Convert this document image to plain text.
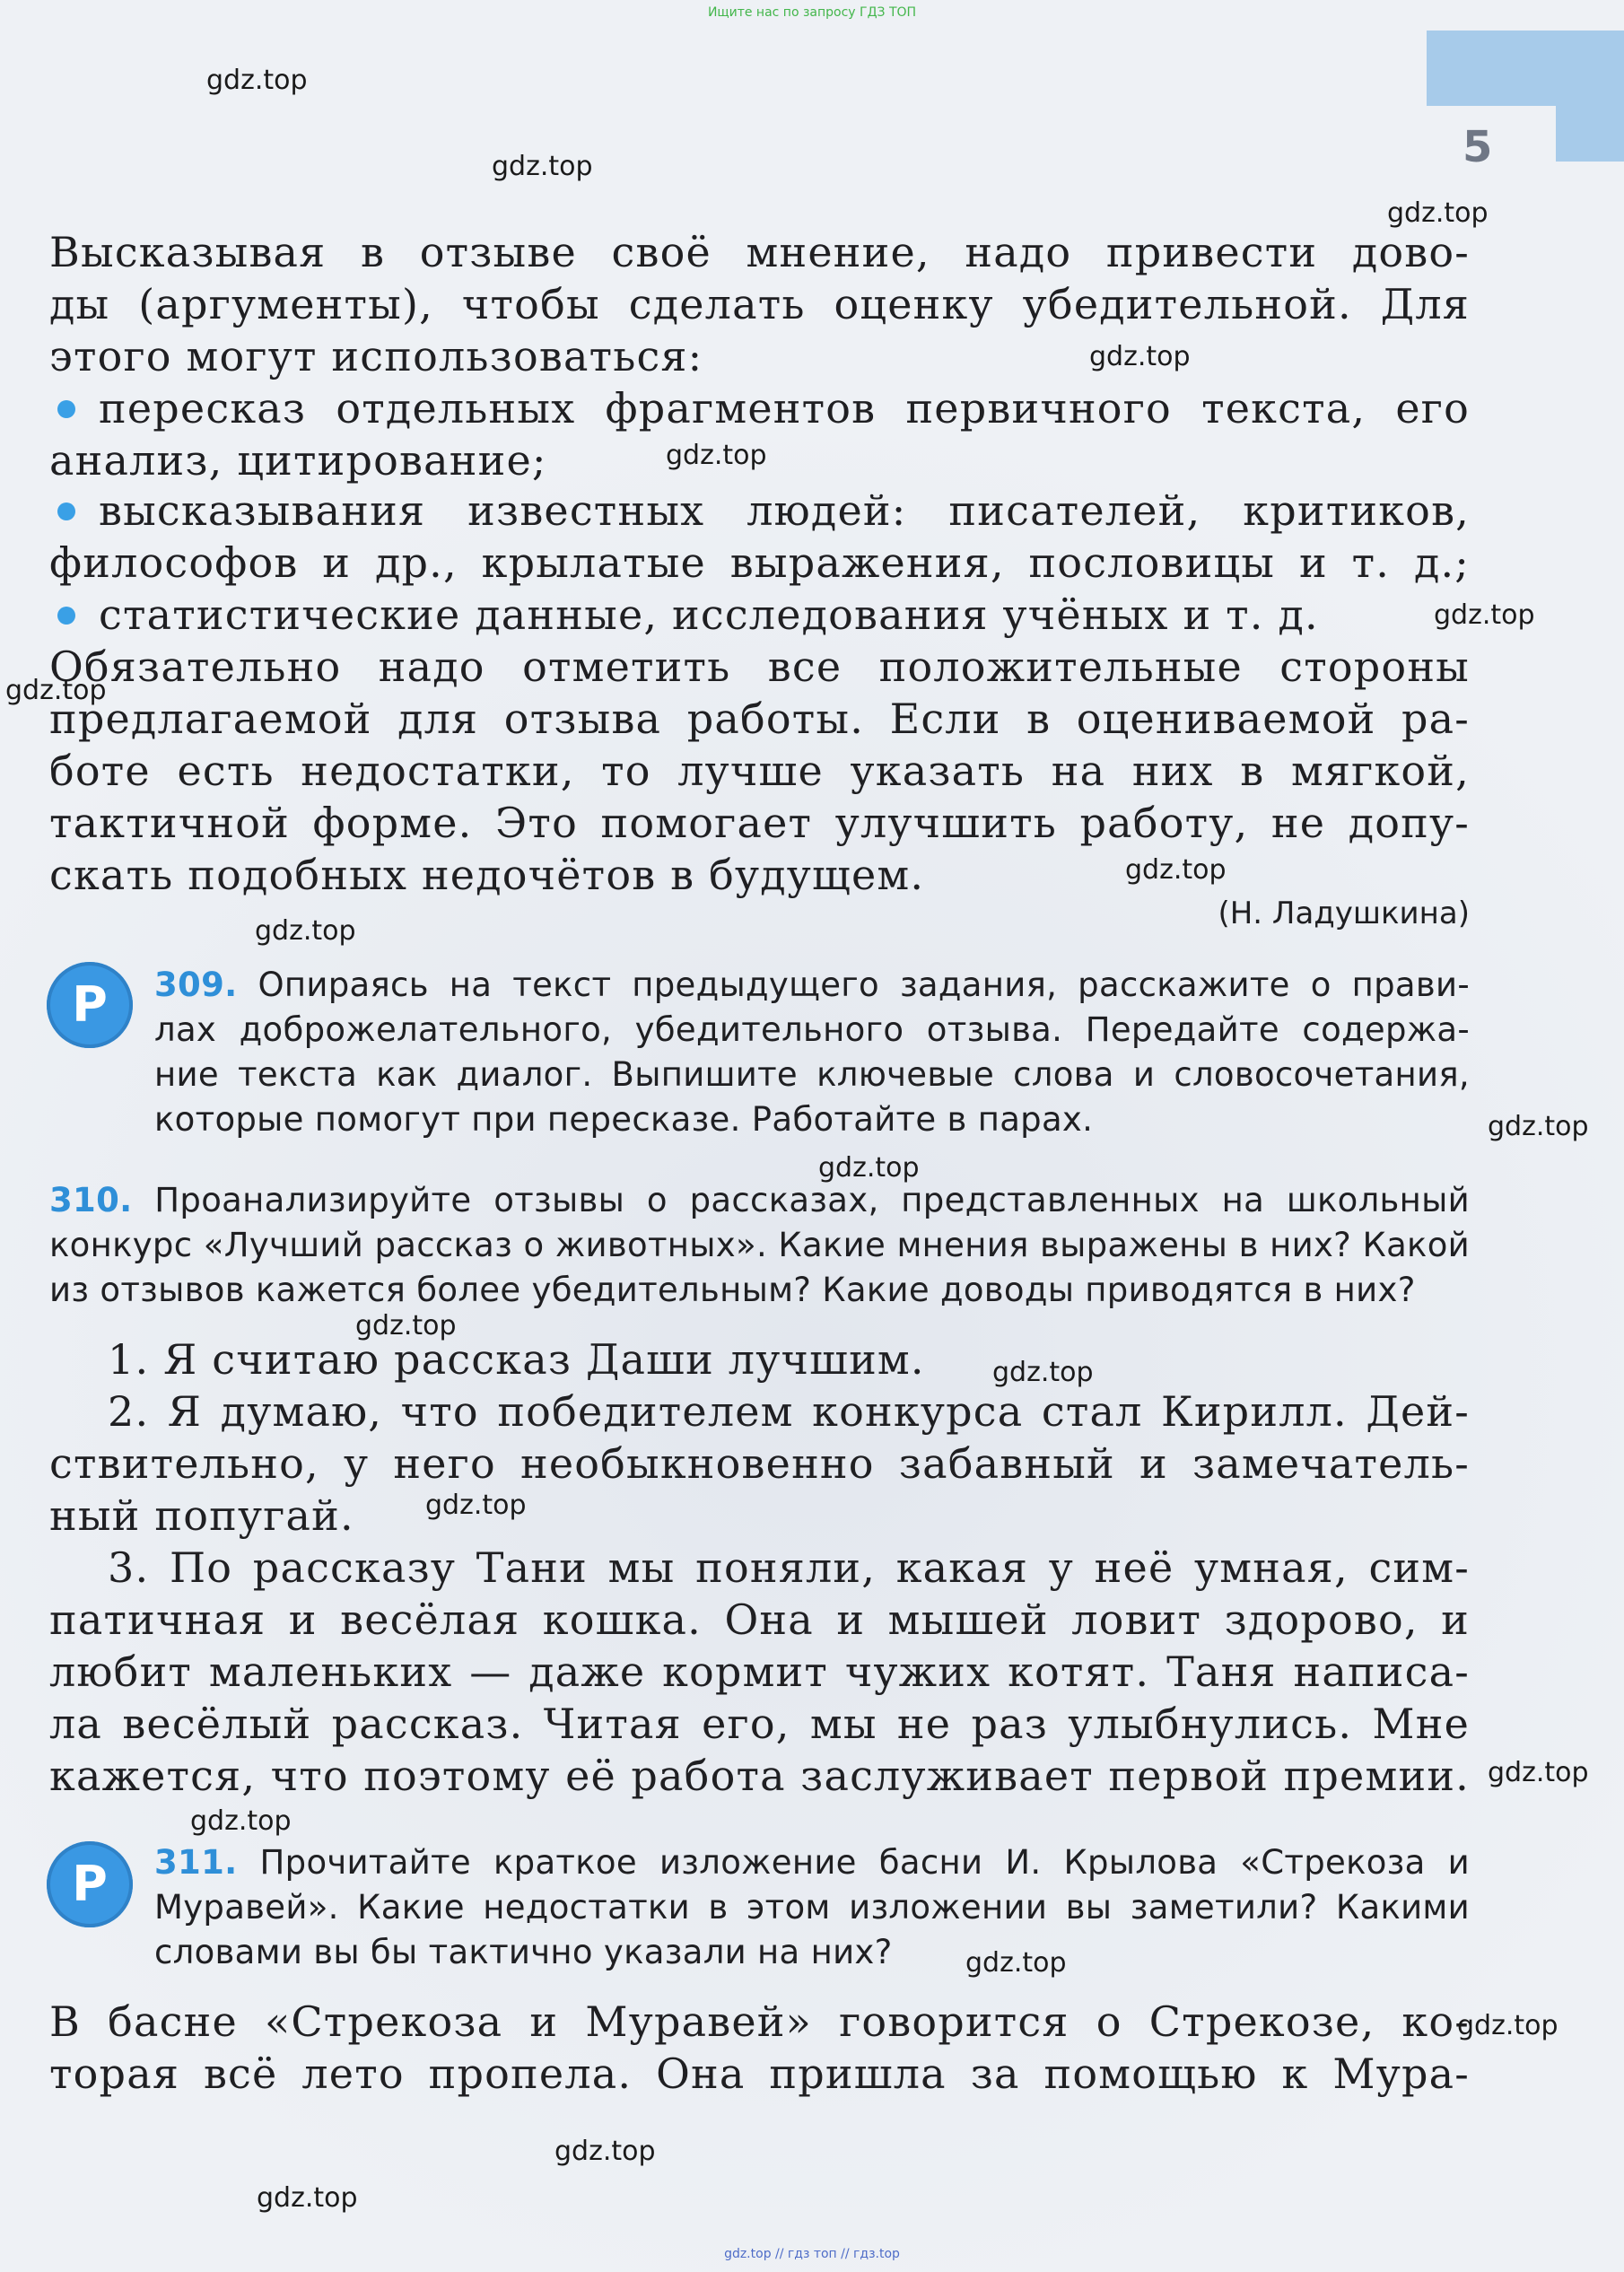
Ищите нас по запросу ГДЗ ТОП
5
Высказывая в отзыве своё мнение, надо привести дово-
ды (аргументы), чтобы сделать оценку убедительной. Для
этого могут использоваться:
пересказ отдельных фрагментов первичного текста, его
анализ, цитирование;
высказывания известных людей: писателей, критиков,
философов и др., крылатые выражения, пословицы и т. д.;
статистические данные, исследования учёных и т. д.
Обязательно надо отметить все положительные стороны
предлагаемой для отзыва работы. Если в оцениваемой ра-
боте есть недостатки, то лучше указать на них в мягкой,
тактичной форме. Это помогает улучшить работу, не допу-
скать подобных недочётов в будущем.
(Н. Ладушкина)
Р	309. Опираясь на текст предыдущего задания, расскажите о прави-
лах доброжелательного, убедительного отзыва. Передайте содержа-
ние текста как диалог. Выпишите ключевые слова и словосочетания,
которые помогут при пересказе. Работайте в парах.
310. Проанализируйте отзывы о рассказах, представленных на школьный
конкурс «Лучший рассказ о животных». Какие мнения выражены в них? Какой
из отзывов кажется более убедительным? Какие доводы приводятся в них?
1. Я считаю рассказ Даши лучшим.
2. Я думаю, что победителем конкурса стал Кирилл. Дей-
ствительно, у него необыкновенно забавный и замечатель-
ный попугай.
3. По рассказу Тани мы поняли, какая у неё умная, сим-
патичная и весёлая кошка. Она и мышей ловит здорово, и
любит маленьких — даже кормит чужих котят. Таня написа-
ла весёлый рассказ. Читая его, мы не раз улыбнулись. Мне
кажется, что поэтому её работа заслуживает первой премии.
Р	311. Прочитайте краткое изложение басни И. Крылова «Стрекоза и
Муравей». Какие недостатки в этом изложении вы заметили? Какими
словами вы бы тактично указали на них?
В басне «Стрекоза и Муравей» говорится о Стрекозе, ко-
торая всё лето пропела. Она пришла за помощью к Мура-
gdz.top
gdz.top
gdz.top
gdz.top
gdz.top
gdz.top
gdz.top
gdz.top
gdz.top
gdz.top
gdz.top
gdz.top
gdz.top
gdz.top
gdz.top
gdz.top
gdz.top
gdz.top
gdz.top
gdz.top
gdz.top // гдз топ // гдз.top
